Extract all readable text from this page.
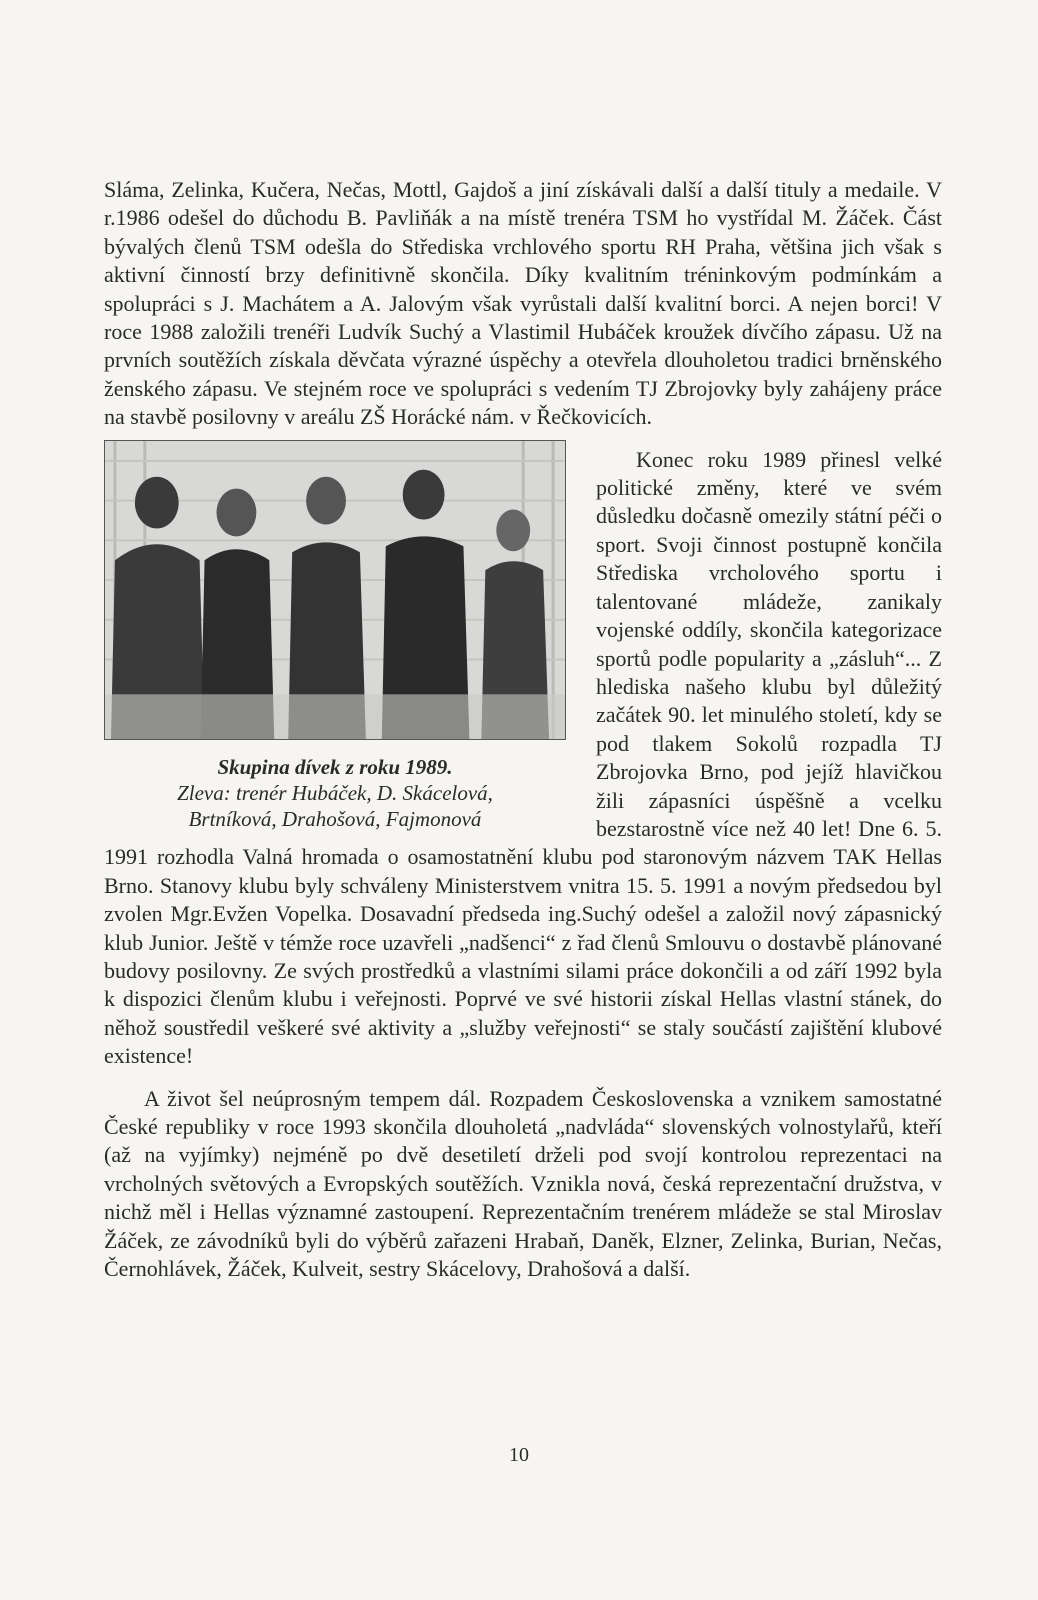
Sláma, Zelinka, Kučera, Nečas, Mottl, Gajdoš a jiní získávali další a další tituly a medaile. V r.1986 odešel do důchodu B. Pavliňák a na místě trenéra TSM ho vystřídal M. Žáček. Část bývalých členů TSM odešla do Střediska vrchlového sportu RH Praha, většina jich však s aktivní činností brzy definitivně skončila. Díky kvalitním tréninkovým podmínkám a spolupráci s J. Machátem a A. Jalovým však vyrůstali další kvalitní borci. A nejen borci! V roce 1988 založili trenéři Ludvík Suchý a Vlastimil Hubáček kroužek dívčího zápasu. Už na prvních soutěžích získala děvčata výrazné úspěchy a otevřela dlouholetou tradici brněnského ženského zápasu. Ve stejném roce ve spolupráci s vedením TJ Zbrojovky byly zahájeny práce na stavbě posilovny v areálu ZŠ Horácké nám. v Řečkovicích.

Skupina dívek z roku 1989.
Zleva: trenér Hubáček, D. Skácelová,
Brtníková, Drahošová, Fajmonová

Konec roku 1989 přinesl velké politické změny, které ve svém důsledku dočasně omezily státní péči o sport. Svoji činnost postupně končila Střediska vrcholového sportu i talentované mládeže, zanikaly vojenské oddíly, skončila kategorizace sportů podle popularity a „zásluh“... Z hlediska našeho klubu byl důležitý začátek 90. let minulého století, kdy se pod tlakem Sokolů rozpadla TJ Zbrojovka Brno, pod jejíž hlavičkou žili zápasníci úspěšně a vcelku bezstarostně více než 40 let! Dne 6. 5. 1991 rozhodla Valná hromada o osamostatnění klubu pod staronovým názvem TAK Hellas Brno. Stanovy klubu byly schváleny Ministerstvem vnitra 15. 5. 1991 a novým předsedou byl zvolen Mgr.Evžen Vopelka. Dosavadní předseda ing.Suchý odešel a založil nový zápasnický klub Junior. Ještě v témže roce uzavřeli „nadšenci“ z řad členů Smlouvu o dostavbě plánované budovy posilovny. Ze svých prostředků a vlastními silami práce dokončili a od září 1992 byla k dispozici členům klubu i veřejnosti. Poprvé ve své historii získal Hellas vlastní stánek, do něhož soustředil veškeré své aktivity a „služby veřejnosti“ se staly součástí zajištění klubové existence!

A život šel neúprosným tempem dál. Rozpadem Československa a vznikem samostatné České republiky v roce 1993 skončila dlouholetá „nadvláda“ slovenských volnostylařů, kteří (až na vyjímky) nejméně po dvě desetiletí drželi pod svojí kontrolou reprezentaci na vrcholných světových a Evropských soutěžích. Vznikla nová, česká reprezentační družstva, v nichž měl i Hellas významné zastoupení. Reprezentačním trenérem mládeže se stal Miroslav Žáček, ze závodníků byli do výběrů zařazeni Hrabaň, Daněk, Elzner, Zelinka, Burian, Nečas, Černohlávek, Žáček, Kulveit, sestry Skácelovy, Drahošová a další.

10
